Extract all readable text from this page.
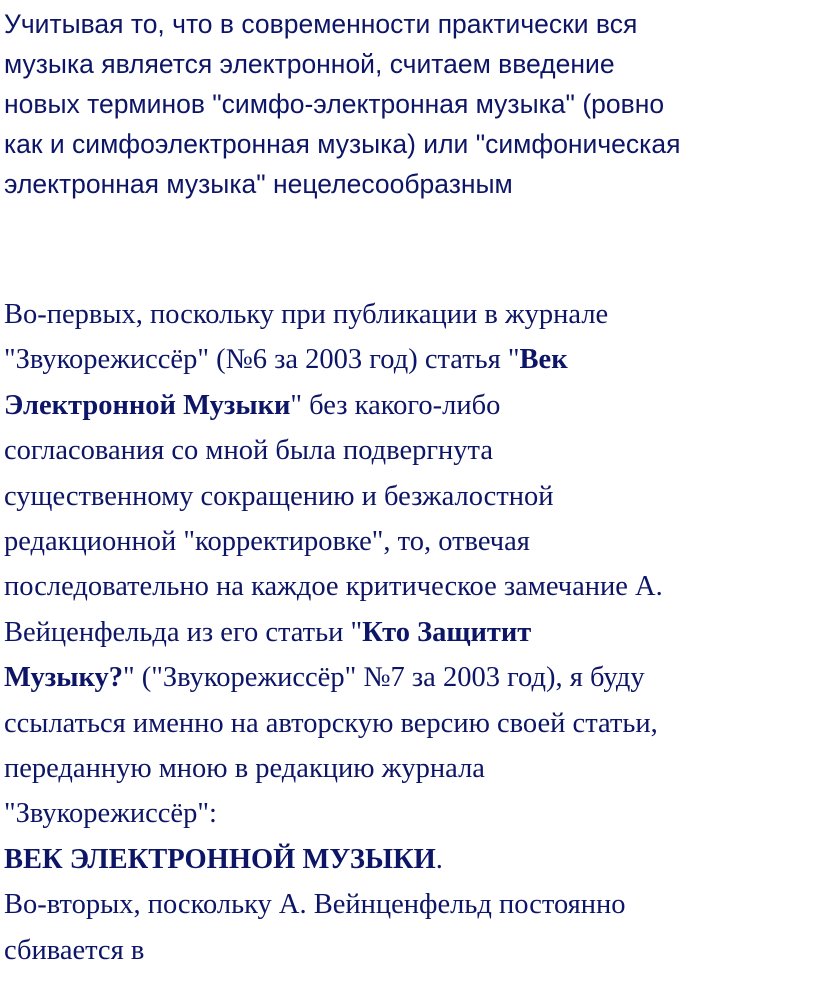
Учитывая то, что в современности практически вся
музыка является электронной, считаем введение
новых терминов "симфо-электронная музыка" (ровно
как и симфоэлектронная музыка) или "симфоническая
электронная музыка" нецелесообразным
Во-первых, поскольку при публикации в журнале
"Звукорежиссёр" (№6 за 2003 год) статья "Век
Электронной Музыки" без какого-либо
согласования со мной была подвергнута
существенному сокращению и безжалостной
редакционной "корректировке", то, отвечая
последовательно на каждое критическое замечание А.
Вейценфельда из его статьи "Кто Защитит
Музыку?" ("Звукорежиссёр" №7 за 2003 год), я буду
ссылаться именно на авторскую версию своей статьи,
переданную мною в редакцию журнала
"Звукорежиссёр":
ВЕК ЭЛЕКТРОННОЙ МУЗЫКИ.
Во-вторых, поскольку А. Вейнценфельд постоянно
сбивается в
